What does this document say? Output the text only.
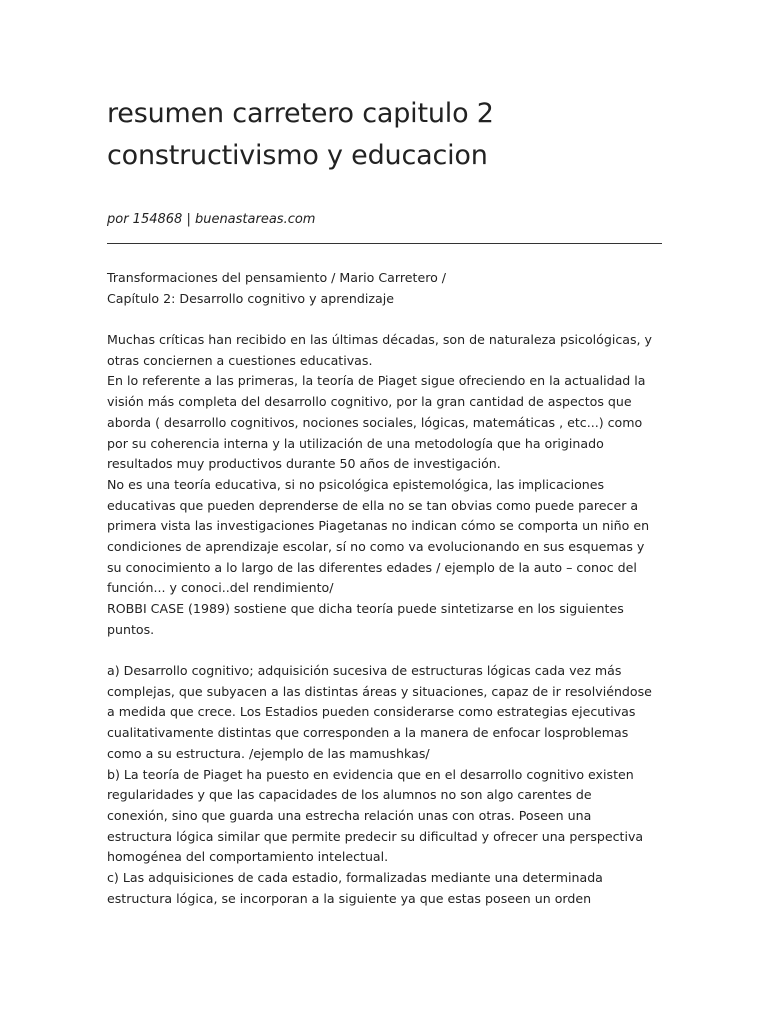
resumen carretero capitulo 2
constructivismo y educacion
por 154868 | buenastareas.com
Transformaciones del pensamiento / Mario Carretero /
Capítulo 2: Desarrollo cognitivo y aprendizaje
Muchas críticas han recibido en las últimas décadas, son de naturaleza psicológicas, y
otras conciernen a cuestiones educativas.
En lo referente a las primeras, la teoría de Piaget sigue ofreciendo en la actualidad la
visión más completa del desarrollo cognitivo, por la gran cantidad de aspectos que
aborda ( desarrollo cognitivos, nociones sociales, lógicas, matemáticas , etc...) como
por su coherencia interna y la utilización de una metodología que ha originado
resultados muy productivos durante 50 años de investigación.
No es una teoría educativa, si no psicológica epistemológica, las implicaciones
educativas que pueden deprenderse de ella no se tan obvias como puede parecer a
primera vista las investigaciones Piagetanas no indican cómo se comporta un niño en
condiciones de aprendizaje escolar, sí no como va evolucionando en sus esquemas y
su conocimiento a lo largo de las diferentes edades / ejemplo de la auto – conoc del
función... y conoci..del rendimiento/
ROBBI CASE (1989) sostiene que dicha teoría puede sintetizarse en los siguientes
puntos.
a) Desarrollo cognitivo; adquisición sucesiva de estructuras lógicas cada vez más
complejas, que subyacen a las distintas áreas y situaciones, capaz de ir resolviéndose
a medida que crece. Los Estadios pueden considerarse como estrategias ejecutivas
cualitativamente distintas que corresponden a la manera de enfocar losproblemas
como a su estructura. /ejemplo de las mamushkas/
b) La teoría de Piaget ha puesto en evidencia que en el desarrollo cognitivo existen
regularidades y que las capacidades de los alumnos no son algo carentes de
conexión, sino que guarda una estrecha relación unas con otras. Poseen una
estructura lógica similar que permite predecir su dificultad y ofrecer una perspectiva
homogénea del comportamiento intelectual.
c) Las adquisiciones de cada estadio, formalizadas mediante una determinada
estructura lógica, se incorporan a la siguiente ya que estas poseen un orden
